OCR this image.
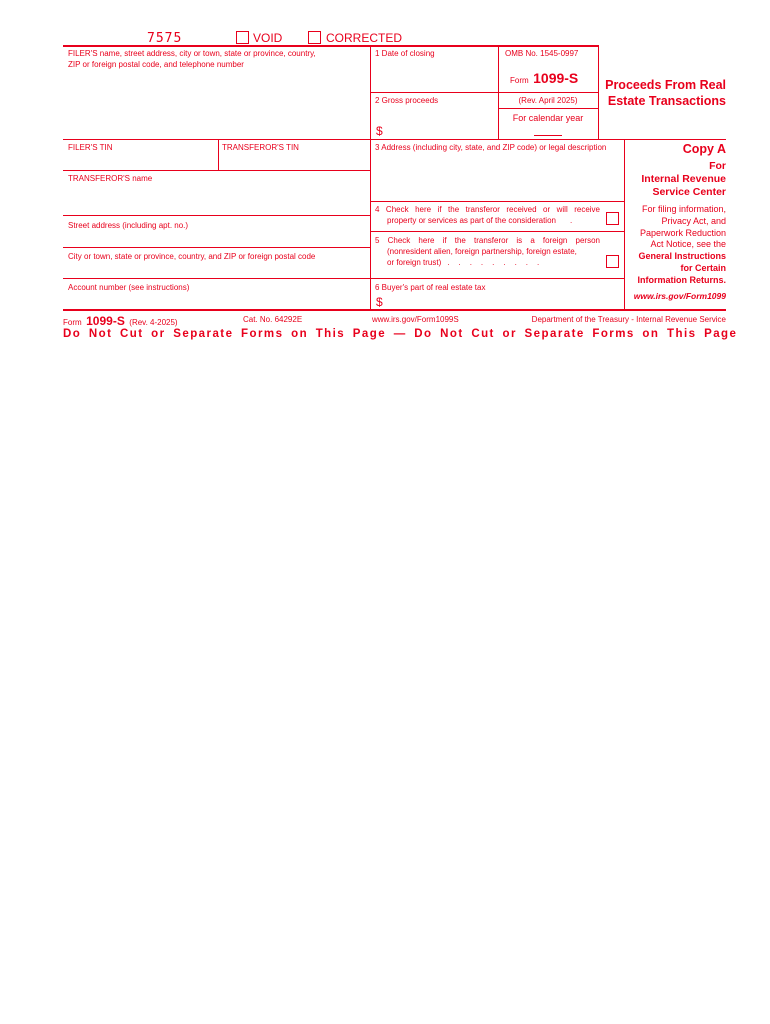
7575	VOID	CORRECTED
FILER'S name, street address, city or town, state or province, country,
ZIP or foreign postal code, and telephone number
1 Date of closing	OMB No. 1545-0997
Form 1099-S
(Rev. April 2025)
For calendar year
Proceeds From Real
Estate Transactions
2 Gross proceeds
$
FILER'S TIN	TRANSFEROR'S TIN	3 Address (including city, state, and ZIP code) or legal description	Copy A
For
Internal Revenue
Service Center
TRANSFEROR'S name
4 Check here if the transferor received or will receive
property or services as part of the consideration .
Street address (including apt. no.)
5 Check here if the transferor is a foreign person
(nonresident alien, foreign partnership, foreign estate,
or foreign trust) .........
City or town, state or province, country, and ZIP or foreign postal code
Account number (see instructions)	6 Buyer's part of real estate tax
$
For filing information,
Privacy Act, and
Paperwork Reduction
Act Notice, see the
General Instructions
for Certain
Information Returns.
www.irs.gov/Form1099
Form 1099-S (Rev. 4-2025)	Cat. No. 64292E	www.irs.gov/Form1099S	Department of the Treasury - Internal Revenue Service
Do Not Cut or Separate Forms on This Page — Do Not Cut or Separate Forms on This Page
